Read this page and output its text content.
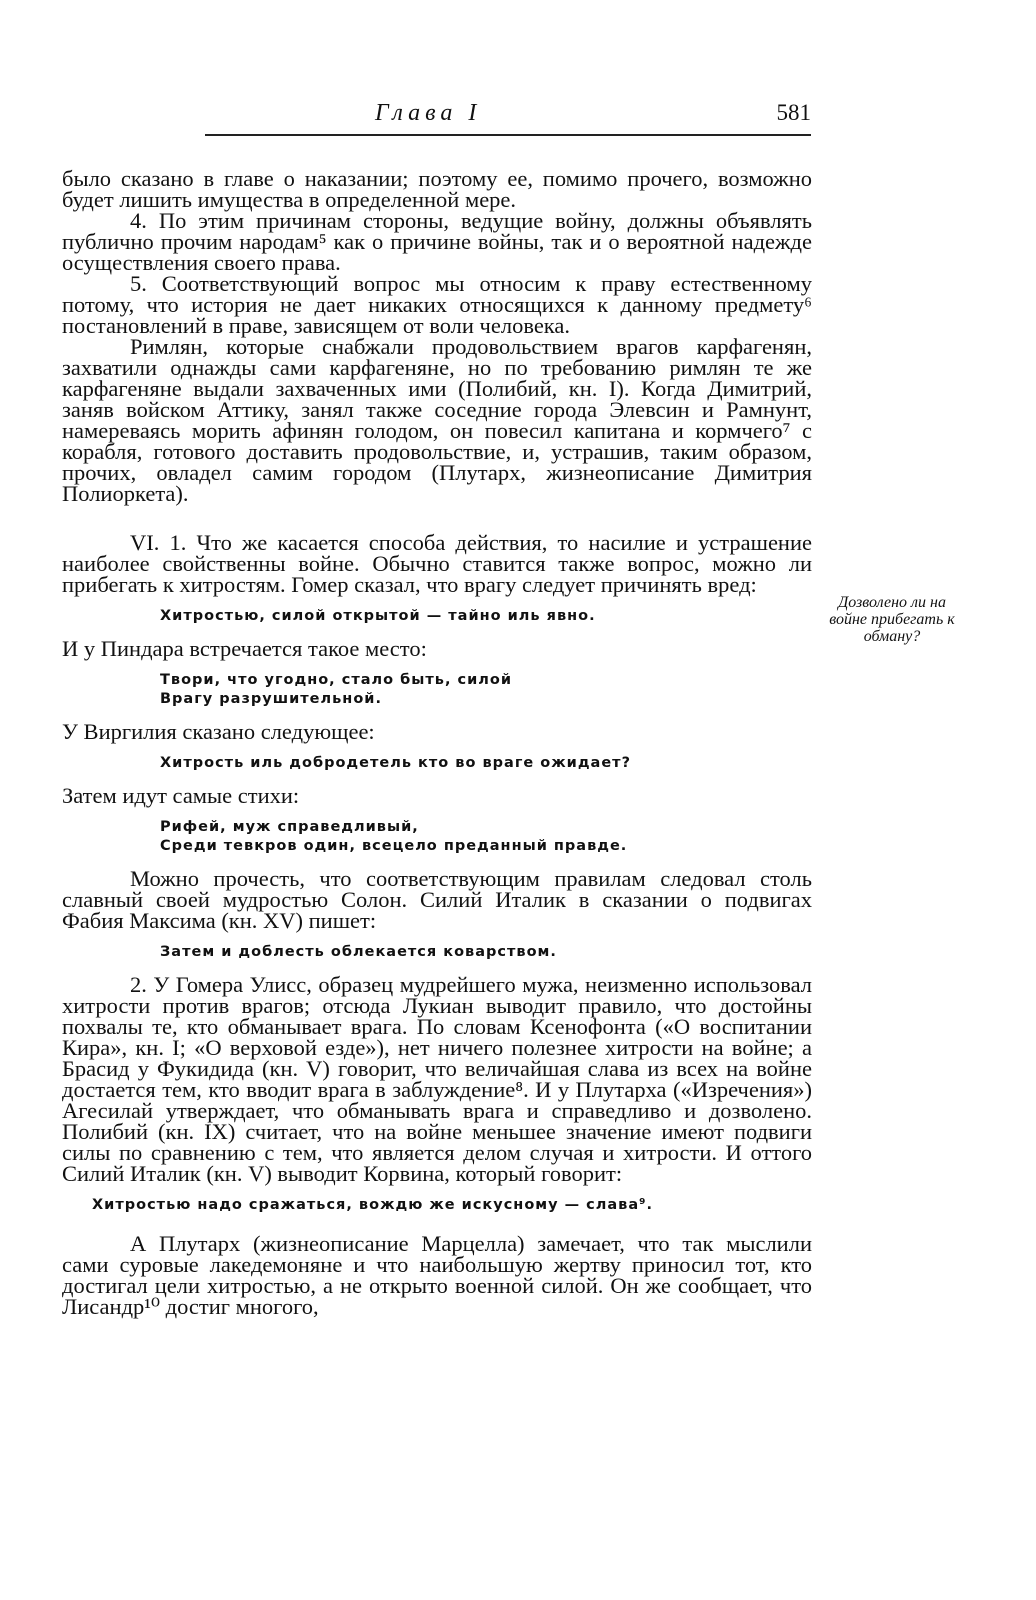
Глава I	581

было сказано в главе о наказании; поэтому ее, помимо прочего, возможно будет лишить имущества в определенной мере.

4. По этим причинам стороны, ведущие войну, должны объявлять публично прочим народам⁵ как о причине войны, так и о вероятной надежде осуществления своего права.

5. Соответствующий вопрос мы относим к праву естественному потому, что история не дает никаких относящихся к данному предмету⁶ постановлений в праве, зависящем от воли человека.

Римлян, которые снабжали продовольствием врагов карфагенян, захватили однажды сами карфагеняне, но по требованию римлян те же карфагеняне выдали захваченных ими (Полибий, кн. I). Когда Димитрий, заняв войском Аттику, занял также соседние города Элевсин и Рамнунт, намереваясь морить афинян голодом, он повесил капитана и кормчего⁷ с корабля, готового доставить продовольствие, и, устрашив, таким образом, прочих, овладел самим городом (Плутарх, жизнеописание Димитрия Полиоркета).

VI. 1. Что же касается способа действия, то насилие и устрашение наиболее свойственны войне. Обычно ставится также вопрос, можно ли прибегать к хитростям. Гомер сказал, что врагу следует причинять вред:

Хитростью, силой открытой — тайно иль явно.

И у Пиндара встречается такое место:

Твори, что угодно, стало быть, силой

Врагу разрушительной.

У Виргилия сказано следующее:

Хитрость иль добродетель кто во враге ожидает?

Затем идут самые стихи:

Рифей, муж справедливый,

Среди тевкров один, всецело преданный правде.

Можно прочесть, что соответствующим правилам следовал столь славный своей мудростью Солон. Силий Италик в сказании о подвигах Фабия Максима (кн. XV) пишет:

Затем и доблесть облекается коварством.

2. У Гомера Улисс, образец мудрейшего мужа, неизменно использовал хитрости против врагов; отсюда Лукиан выводит правило, что достойны похвалы те, кто обманывает врага. По словам Ксенофонта («О воспитании Кира», кн. I; «О верховой езде»), нет ничего полезнее хитрости на войне; а Брасид у Фукидида (кн. V) говорит, что величайшая слава из всех на войне достается тем, кто вводит врага в заблуждение⁸. И у Плутарха («Изречения») Агесилай утверждает, что обманывать врага и справедливо и дозволено. Полибий (кн. IX) считает, что на войне меньшее значение имеют подвиги силы по сравнению с тем, что является делом случая и хитрости. И оттого Силий Италик (кн. V) выводит Корвина, который говорит:

Хитростью надо сражаться, вождю же искусному — слава⁹.

А Плутарх (жизнеописание Марцелла) замечает, что так мыслили сами суровые лакедемоняне и что наибольшую жертву приносил тот, кто достигал цели хитростью, а не открыто военной силой. Он же сообщает, что Лисандр¹⁰ достиг многого,

Дозволено ли на войне прибегать к обману?
